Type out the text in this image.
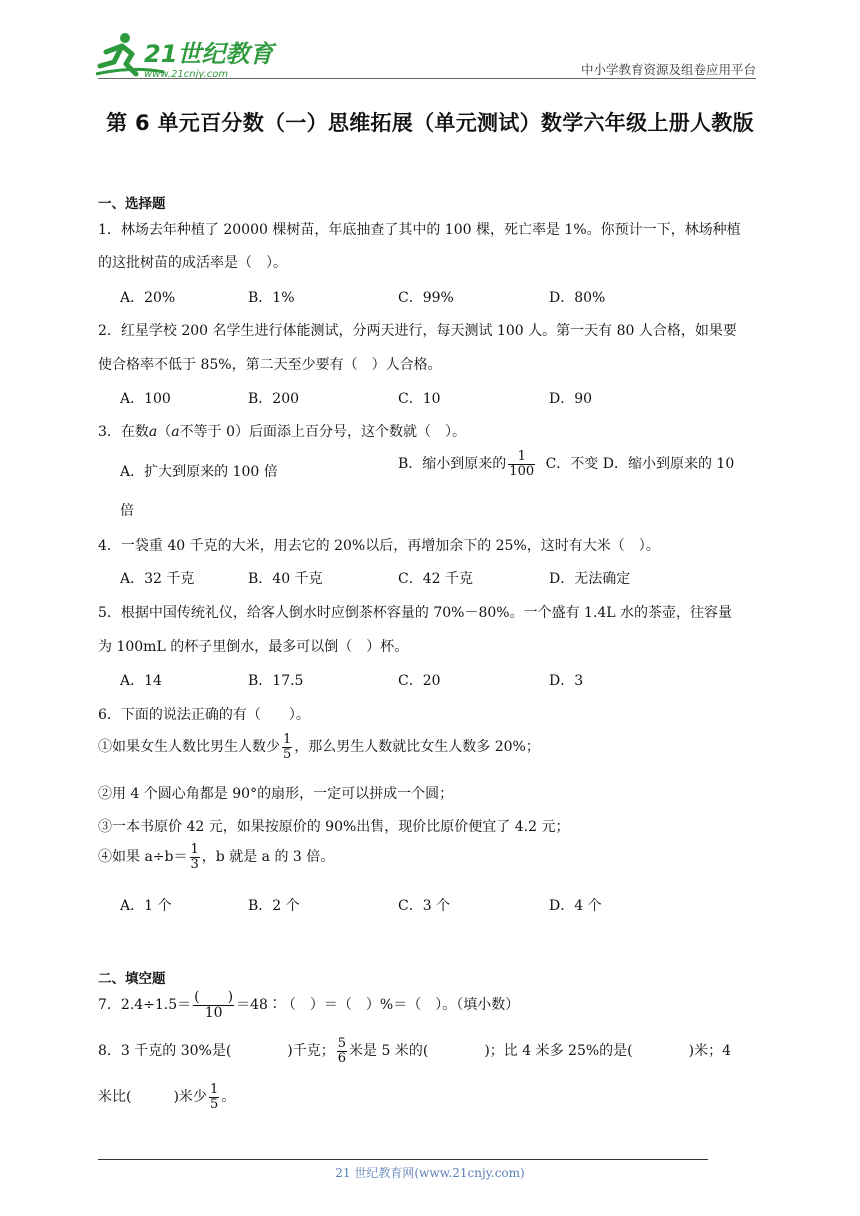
21世纪教育
www.21cnjy.com	中小学教育资源及组卷应用平台
第 6 单元百分数（一）思维拓展（单元测试）数学六年级上册人教版
一、选择题
1．林场去年种植了 20000 棵树苗，年底抽查了其中的 100 棵，死亡率是 1%。你预计一下，林场种植
的这批树苗的成活率是（　）。
A．20%	B．1%	C．99%	D．80%
2．红星学校 200 名学生进行体能测试，分两天进行，每天测试 100 人。第一天有 80 人合格，如果要
使合格率不低于 85%，第二天至少要有（　）人合格。
A．100	B．200	C．10	D．90
3．在数a（a不等于 0）后面添上百分号，这个数就（　）。
A．扩大到原来的 100 倍	B．缩小到原来的 $\frac{1}{100}$ C．不变 D．缩小到原来的 10
倍
4．一袋重 40 千克的大米，用去它的 20%以后，再增加余下的 25%，这时有大米（　）。
A．32 千克	B．40 千克	C．42 千克	D．无法确定
5．根据中国传统礼仪，给客人倒水时应倒茶杯容量的 70%－80%。一个盛有 1.4L 水的茶壶，往容量
为 100mL 的杯子里倒水，最多可以倒（　）杯。
A．14	B．17.5	C．20	D．3
6．下面的说法正确的有（　　）。
①如果女生人数比男生人数少 $\frac{1}{5}$ ，那么男生人数就比女生人数多 20%；
②用 4 个圆心角都是 90°的扇形，一定可以拼成一个圆；
③一本书原价 42 元，如果按原价的 90%出售，现价比原价便宜了 4.2 元；
④如果 $a\div b= \frac{1}{3}$ ，b 就是 a 的 3 倍。
A．1 个	B．2 个	C．3 个	D．4 个
二、填空题
7．$2.4\div 1.5= \frac{( )}{10}$ ＝48∶（　）＝（　）%＝（　）。（填小数）
8．3 千克的 30%是(	)千克； $\frac{5}{6}$ 米是 5 米的(	)；比 4 米多 25%的是(	)米；4
米比(	)米少 $\frac{1}{5}$ 。
21 世纪教育网(www.21cnjy.com)
